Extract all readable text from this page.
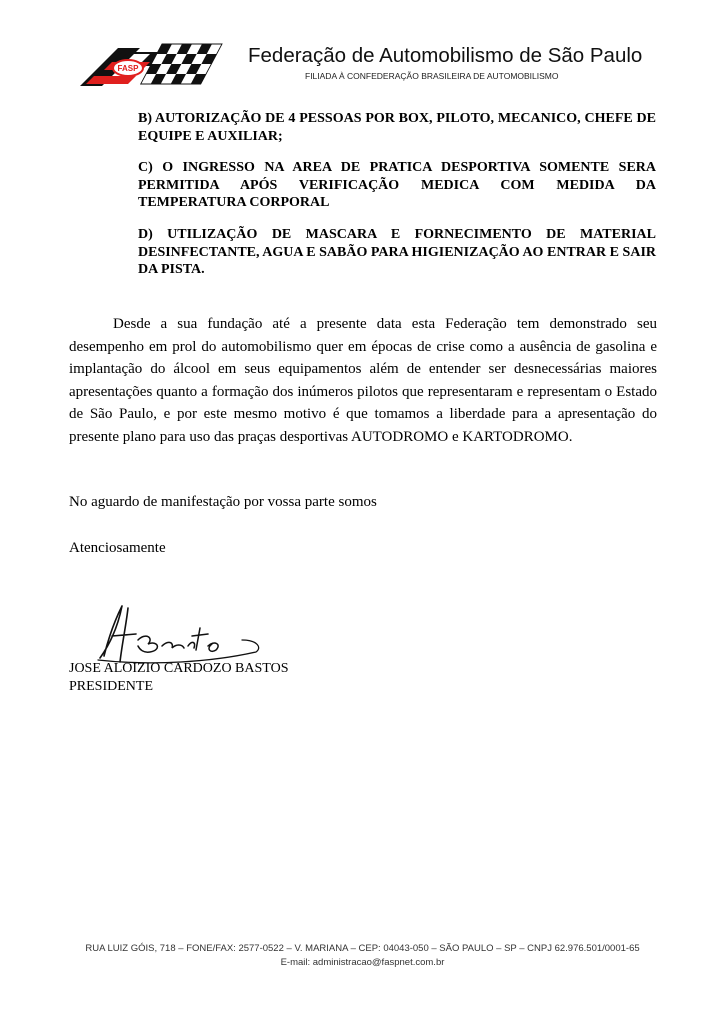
FASP
Federação de Automobilismo de São Paulo
FILIADA À CONFEDERAÇÃO BRASILEIRA DE AUTOMOBILISMO
B) AUTORIZAÇÃO DE 4 PESSOAS POR BOX, PILOTO, MECANICO, CHEFE DE EQUIPE E AUXILIAR;
C) O INGRESSO NA AREA DE PRATICA DESPORTIVA SOMENTE SERA PERMITIDA APÓS VERIFICAÇÃO MEDICA COM MEDIDA DA TEMPERATURA CORPORAL
D) UTILIZAÇÃO DE MASCARA E FORNECIMENTO DE MATERIAL DESINFECTANTE, AGUA E SABÃO PARA HIGIENIZAÇÃO AO ENTRAR E SAIR DA PISTA.

Desde a sua fundação até a presente data esta Federação tem demonstrado seu desempenho em prol do automobilismo quer em épocas de crise como a ausência de gasolina e implantação do álcool em seus equipamentos além de entender ser desnecessárias maiores apresentações quanto a formação dos inúmeros pilotos que representaram e representam o Estado de São Paulo, e por este mesmo motivo é que tomamos a liberdade para a apresentação do presente plano para uso das praças desportivas AUTODROMO e KARTODROMO.

No aguardo de manifestação por vossa parte somos
Atenciosamente
JOSE ALOIZIO CARDOZO BASTOS
PRESIDENTE
RUA LUIZ GÓIS, 718 – FONE/FAX: 2577-0522 – V. MARIANA – CEP: 04043-050 – SÃO PAULO – SP – CNPJ 62.976.501/0001-65
E-mail: administracao@faspnet.com.br
